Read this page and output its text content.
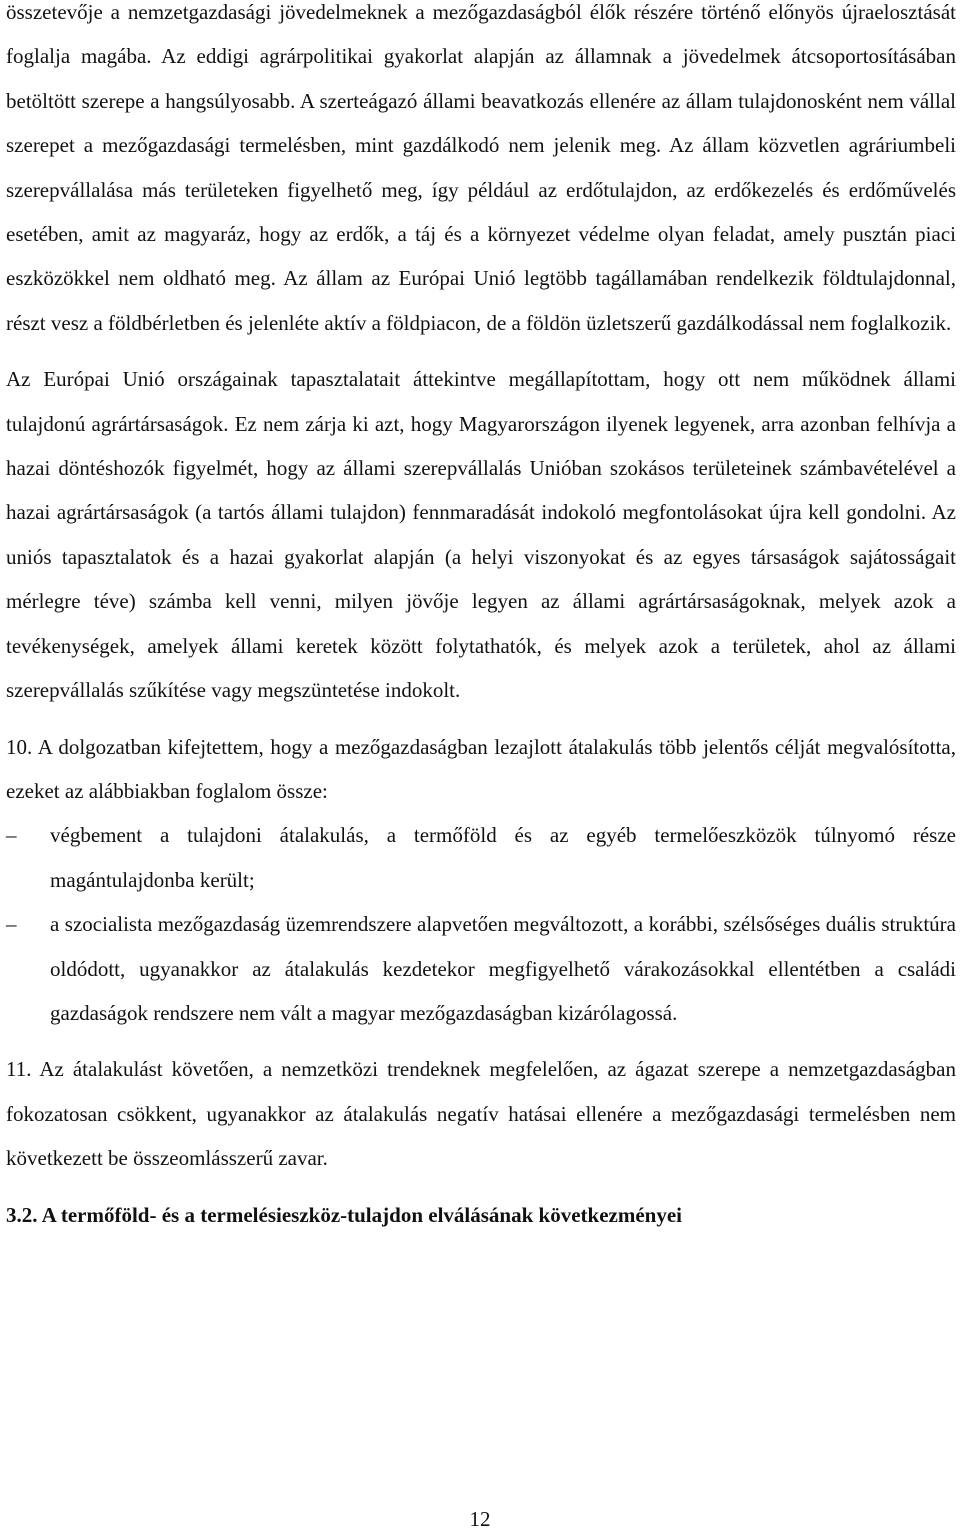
összetevője a nemzetgazdasági jövedelmeknek a mezőgazdaságból élők részére történő előnyös újraelosztását foglalja magába. Az eddigi agrárpolitikai gyakorlat alapján az államnak a jövedelmek átcsoportosításában betöltött szerepe a hangsúlyosabb. A szerteágazó állami beavatkozás ellenére az állam tulajdonosként nem vállal szerepet a mezőgazdasági termelésben, mint gazdálkodó nem jelenik meg. Az állam közvetlen agráriumbeli szerepvállalása más területeken figyelhető meg, így például az erdőtulajdon, az erdőkezelés és erdőművelés esetében, amit az magyaráz, hogy az erdők, a táj és a környezet védelme olyan feladat, amely pusztán piaci eszközökkel nem oldható meg. Az állam az Európai Unió legtöbb tagállamában rendelkezik földtulajdonnal, részt vesz a földbérletben és jelenléte aktív a földpiacon, de a földön üzletszerű gazdálkodással nem foglalkozik.

Az Európai Unió országainak tapasztalatait áttekintve megállapítottam, hogy ott nem működnek állami tulajdonú agrártársaságok. Ez nem zárja ki azt, hogy Magyarországon ilyenek legyenek, arra azonban felhívja a hazai döntéshozók figyelmét, hogy az állami szerepvállalás Unióban szokásos területeinek számbavételével a hazai agrártársaságok (a tartós állami tulajdon) fennmaradását indokoló megfontolásokat újra kell gondolni. Az uniós tapasztalatok és a hazai gyakorlat alapján (a helyi viszonyokat és az egyes társaságok sajátosságait mérlegre téve) számba kell venni, milyen jövője legyen az állami agrártársaságoknak, melyek azok a tevékenységek, amelyek állami keretek között folytathatók, és melyek azok a területek, ahol az állami szerepvállalás szűkítése vagy megszüntetése indokolt.

10. A dolgozatban kifejtettem, hogy a mezőgazdaságban lezajlott átalakulás több jelentős célját megvalósította, ezeket az alábbiakban foglalom össze:

–	végbement a tulajdoni átalakulás, a termőföld és az egyéb termelőeszközök túlnyomó része magántulajdonba került;
–	a szocialista mezőgazdaság üzemrendszere alapvetően megváltozott, a korábbi, szélsőséges duális struktúra oldódott, ugyanakkor az átalakulás kezdetekor megfigyelhető várakozásokkal ellentétben a családi gazdaságok rendszere nem vált a magyar mezőgazdaságban kizárólagossá.

11. Az átalakulást követően, a nemzetközi trendeknek megfelelően, az ágazat szerepe a nemzetgazdaságban fokozatosan csökkent, ugyanakkor az átalakulás negatív hatásai ellenére a mezőgazdasági termelésben nem következett be összeomlásszerű zavar.

3.2. A termőföld- és a termelésieszköz-tulajdon elválásának következményei

12
